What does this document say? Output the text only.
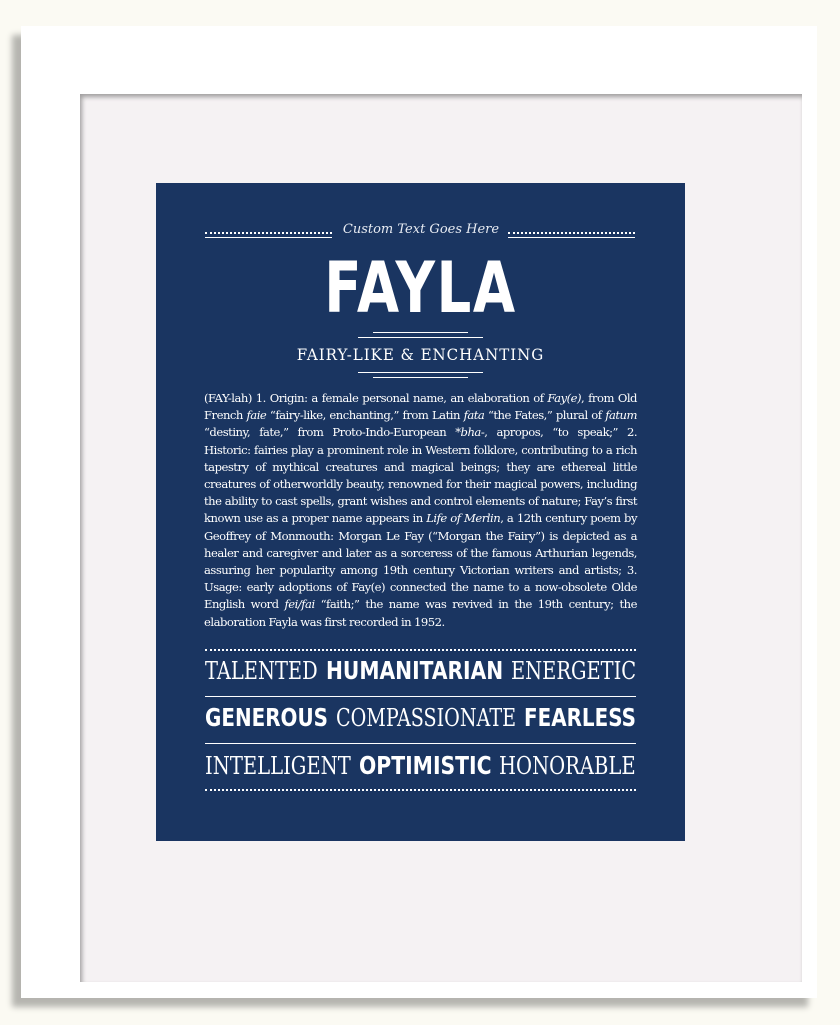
Custom Text Goes Here
FAYLA
FAIRY-LIKE & ENCHANTING
(FAY-lah) 1. Origin: a female personal name, an elaboration of Fay(e), from Old French faie “fairy-like, enchanting,” from Latin fata “the Fates,” plural of fatum “destiny, fate,” from Proto-Indo-European *bha-, apropos, “to speak;” 2. Historic: fairies play a prominent role in Western folklore, contributing to a rich tapestry of mythical creatures and magical beings; they are ethereal little creatures of otherworldly beauty, renowned for their magical powers, including the ability to cast spells, grant wishes and control elements of nature; Fay’s first known use as a proper name appears in Life of Merlin, a 12th century poem by Geoffrey of Monmouth: Morgan Le Fay (“Morgan the Fairy”) is depicted as a healer and caregiver and later as a sorceress of the famous Arthurian legends, assuring her popularity among 19th century Victorian writers and artists; 3. Usage: early adoptions of Fay(e) connected the name to a now-obsolete Olde English word fei/fai “faith;” the name was revived in the 19th century; the elaboration Fayla was first recorded in 1952.
TALENTED HUMANITARIAN ENERGETIC
GENEROUS COMPASSIONATE FEARLESS
INTELLIGENT OPTIMISTIC HONORABLE
